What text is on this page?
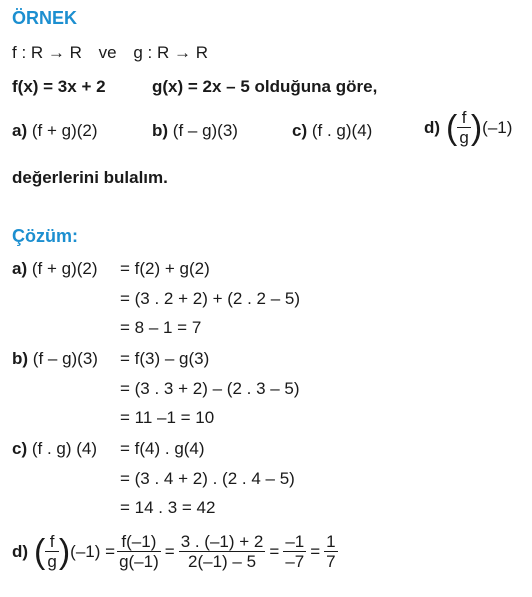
ÖRNEK
f : R → R ve g : R → R
f(x) = 3x + 2	g(x) = 2x – 5 olduğuna göre,
a) (f + g)(2)	b) (f – g)(3)	c) (f . g)(4)	d) ( $\frac{f}{g}$ ) (–1)
değerlerini bulalım.
Çözüm:
a) (f + g)(2) = f(2) + g(2)
= (3 . 2 + 2) + (2 . 2 – 5)
= 8 – 1 = 7
b) (f – g)(3) = f(3) – g(3)
= (3 . 3 + 2) – (2 . 3 – 5)
= 11 –1 = 10
c) (f . g) (4) = f(4) . g(4)
= (3 . 4 + 2) . (2 . 4 – 5)
= 14 . 3 = 42
d) ( $\frac{f}{g}$ ) $(-1) = \frac{f(-1)}{g(-1)} = \frac{3 . (-1) + 2}{2(-1) - 5} = \frac{-1}{-7} = \frac{1}{7}$
